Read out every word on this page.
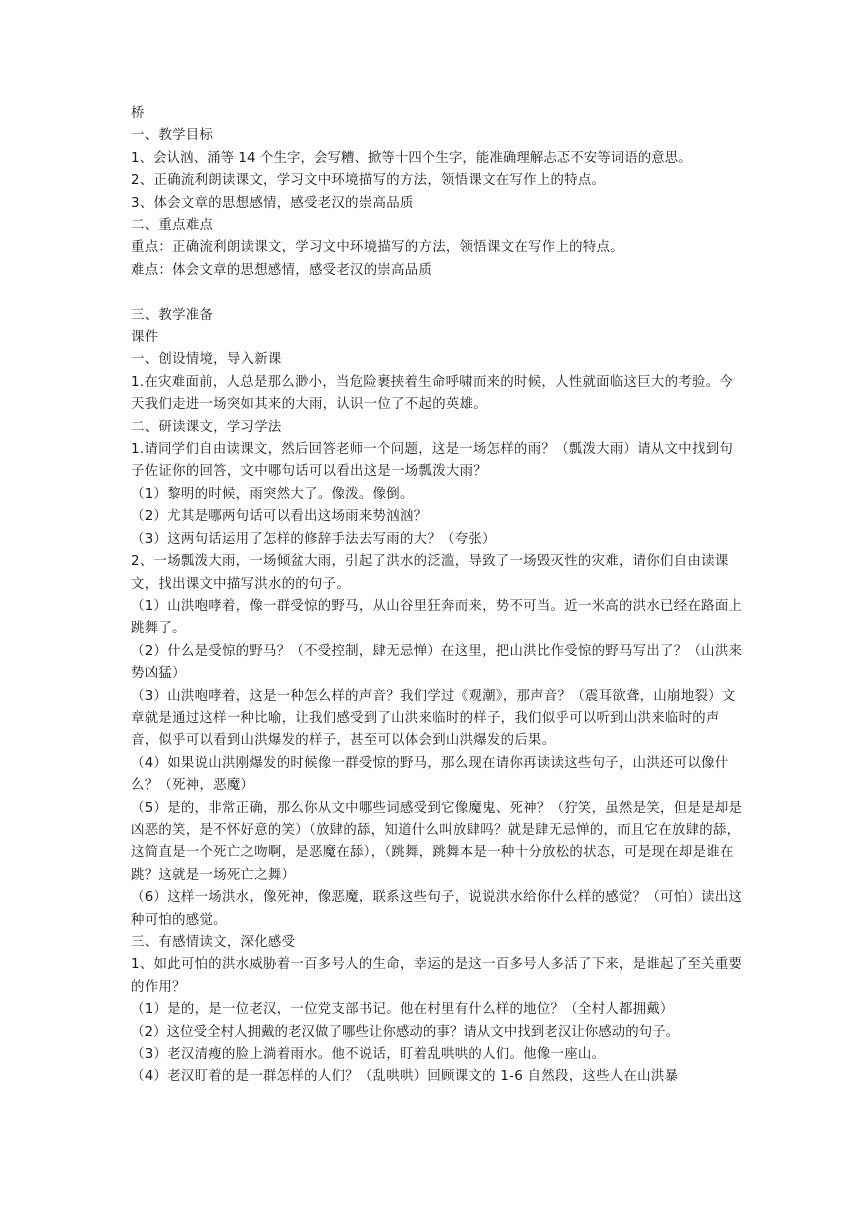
桥

一、教学目标

1、会认汹、涌等 14 个生字，会写糟、掀等十四个生字，能准确理解忐忑不安等词语的意思。

2、正确流利朗读课文，学习文中环境描写的方法，领悟课文在写作上的特点。

3、体会文章的思想感情，感受老汉的崇高品质

二、重点难点

重点：正确流利朗读课文，学习文中环境描写的方法，领悟课文在写作上的特点。

难点：体会文章的思想感情，感受老汉的崇高品质

三、教学准备

课件

一、创设情境，导入新课

1.在灾难面前，人总是那么渺小，当危险裹挟着生命呼啸而来的时候，人性就面临这巨大的考验。今天我们走进一场突如其来的大雨，认识一位了不起的英雄。

二、研读课文，学习学法

1.请同学们自由读课文，然后回答老师一个问题，这是一场怎样的雨？（瓢泼大雨）请从文中找到句子佐证你的回答，文中哪句话可以看出这是一场瓢泼大雨？

（1）黎明的时候，雨突然大了。像泼。像倒。

（2）尤其是哪两句话可以看出这场雨来势汹汹？

（3）这两句话运用了怎样的修辞手法去写雨的大？（夸张）

2、一场瓢泼大雨，一场倾盆大雨，引起了洪水的泛滥，导致了一场毁灭性的灾难，请你们自由读课文，找出课文中描写洪水的的句子。

（1）山洪咆哮着，像一群受惊的野马，从山谷里狂奔而来，势不可当。近一米高的洪水已经在路面上跳舞了。

（2）什么是受惊的野马？（不受控制，肆无忌惮）在这里，把山洪比作受惊的野马写出了？（山洪来势凶猛）

（3）山洪咆哮着，这是一种怎么样的声音？我们学过《观潮》，那声音？（震耳欲聋，山崩地裂）文章就是通过这样一种比喻，让我们感受到了山洪来临时的样子，我们似乎可以听到山洪来临时的声音，似乎可以看到山洪爆发的样子，甚至可以体会到山洪爆发的后果。

（4）如果说山洪刚爆发的时候像一群受惊的野马，那么现在请你再读读这些句子，山洪还可以像什么？（死神，恶魔）

（5）是的，非常正确，那么你从文中哪些词感受到它像魔鬼、死神？（狞笑，虽然是笑，但是是却是凶恶的笑，是不怀好意的笑）（放肆的舔，知道什么叫放肆吗？就是肆无忌惮的，而且它在放肆的舔，这简直是一个死亡之吻啊，是恶魔在舔），（跳舞，跳舞本是一种十分放松的状态，可是现在却是谁在跳？这就是一场死亡之舞）

（6）这样一场洪水，像死神，像恶魔，联系这些句子，说说洪水给你什么样的感觉？（可怕）读出这种可怕的感觉。

三、有感情读文，深化感受

1、如此可怕的洪水威胁着一百多号人的生命，幸运的是这一百多号人多活了下来，是谁起了至关重要的作用？

（1）是的，是一位老汉，一位党支部书记。他在村里有什么样的地位？（全村人都拥戴）

（2）这位受全村人拥戴的老汉做了哪些让你感动的事？请从文中找到老汉让你感动的句子。

（3）老汉清瘦的脸上淌着雨水。他不说话，盯着乱哄哄的人们。他像一座山。

（4）老汉盯着的是一群怎样的人们？（乱哄哄）回顾课文的 1-6 自然段，这些人在山洪暴
